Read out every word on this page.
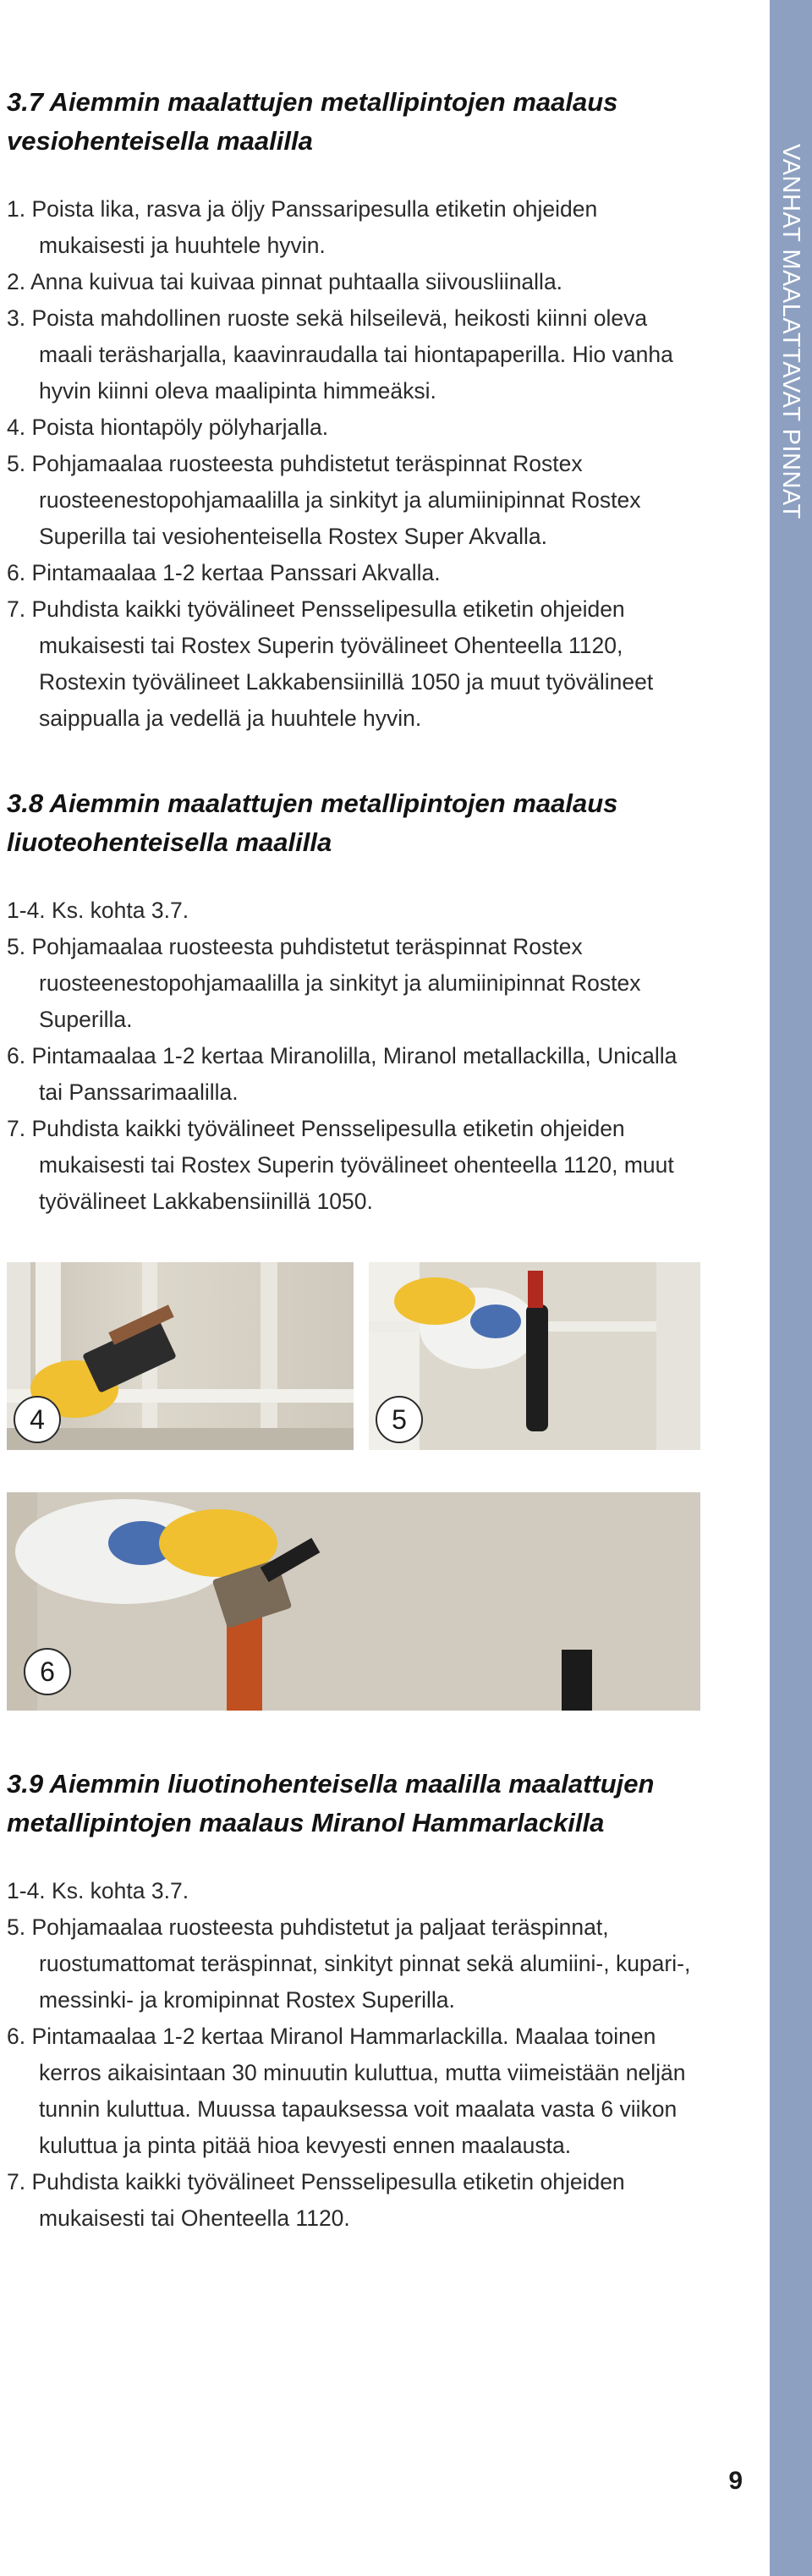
VANHAT MAALATTAVAT PINNAT
3.7 Aiemmin maalattujen metallipintojen maalaus vesiohenteisella maalilla
1. Poista lika, rasva ja öljy Panssaripesulla etiketin ohjeiden mukaisesti ja huuhtele hyvin.
2. Anna kuivua tai kuivaa pinnat puhtaalla siivousliinalla.
3. Poista mahdollinen ruoste sekä hilseilevä, heikosti kiinni oleva maali teräsharjalla, kaavinraudalla tai hiontapaperilla. Hio vanha hyvin kiinni oleva maalipinta himmeäksi.
4. Poista hiontapöly pölyharjalla.
5. Pohjamaalaa ruosteesta puhdistetut teräspinnat Rostex ruosteenestopohjamaalilla ja sinkityt ja alumiinipinnat Rostex Superilla tai vesiohenteisella Rostex Super Akvalla.
6. Pintamaalaa 1-2 kertaa Panssari Akvalla.
7. Puhdista kaikki työvälineet Pensselipesulla etiketin ohjeiden mukaisesti tai Rostex Superin työvälineet Ohenteella 1120, Rostexin työvälineet Lakkabensiinillä 1050 ja muut työvälineet saippualla ja vedellä ja huuhtele hyvin.
3.8 Aiemmin maalattujen metallipintojen maalaus liuoteohenteisella maalilla
1-4. Ks. kohta 3.7.
5. Pohjamaalaa ruosteesta puhdistetut teräspinnat Rostex ruosteenestopohjamaalilla ja sinkityt ja alumiinipinnat Rostex Superilla.
6. Pintamaalaa 1-2 kertaa Miranolilla, Miranol metallackilla, Unicalla tai Panssarimaalilla.
7. Puhdista kaikki työvälineet Pensselipesulla etiketin ohjeiden mukaisesti tai Rostex Superin työvälineet ohenteella 1120, muut työvälineet Lakkabensiinillä 1050.
4	5
6
3.9 Aiemmin liuotinohenteisella maalilla maalattujen metallipintojen maalaus Miranol Hammarlackilla
1-4. Ks. kohta 3.7.
5. Pohjamaalaa ruosteesta puhdistetut ja paljaat teräspinnat, ruostumattomat teräspinnat, sinkityt pinnat sekä alumiini-, kupari-, messinki- ja kromipinnat Rostex Superilla.
6. Pintamaalaa 1-2 kertaa Miranol Hammarlackilla. Maalaa toinen kerros aikaisintaan 30 minuutin kuluttua, mutta viimeistään neljän tunnin kuluttua. Muussa tapauksessa voit maalata vasta 6 viikon kuluttua ja pinta pitää hioa kevyesti ennen maalausta.
7. Puhdista kaikki työvälineet Pensselipesulla etiketin ohjeiden mukaisesti tai Ohenteella 1120.
9
